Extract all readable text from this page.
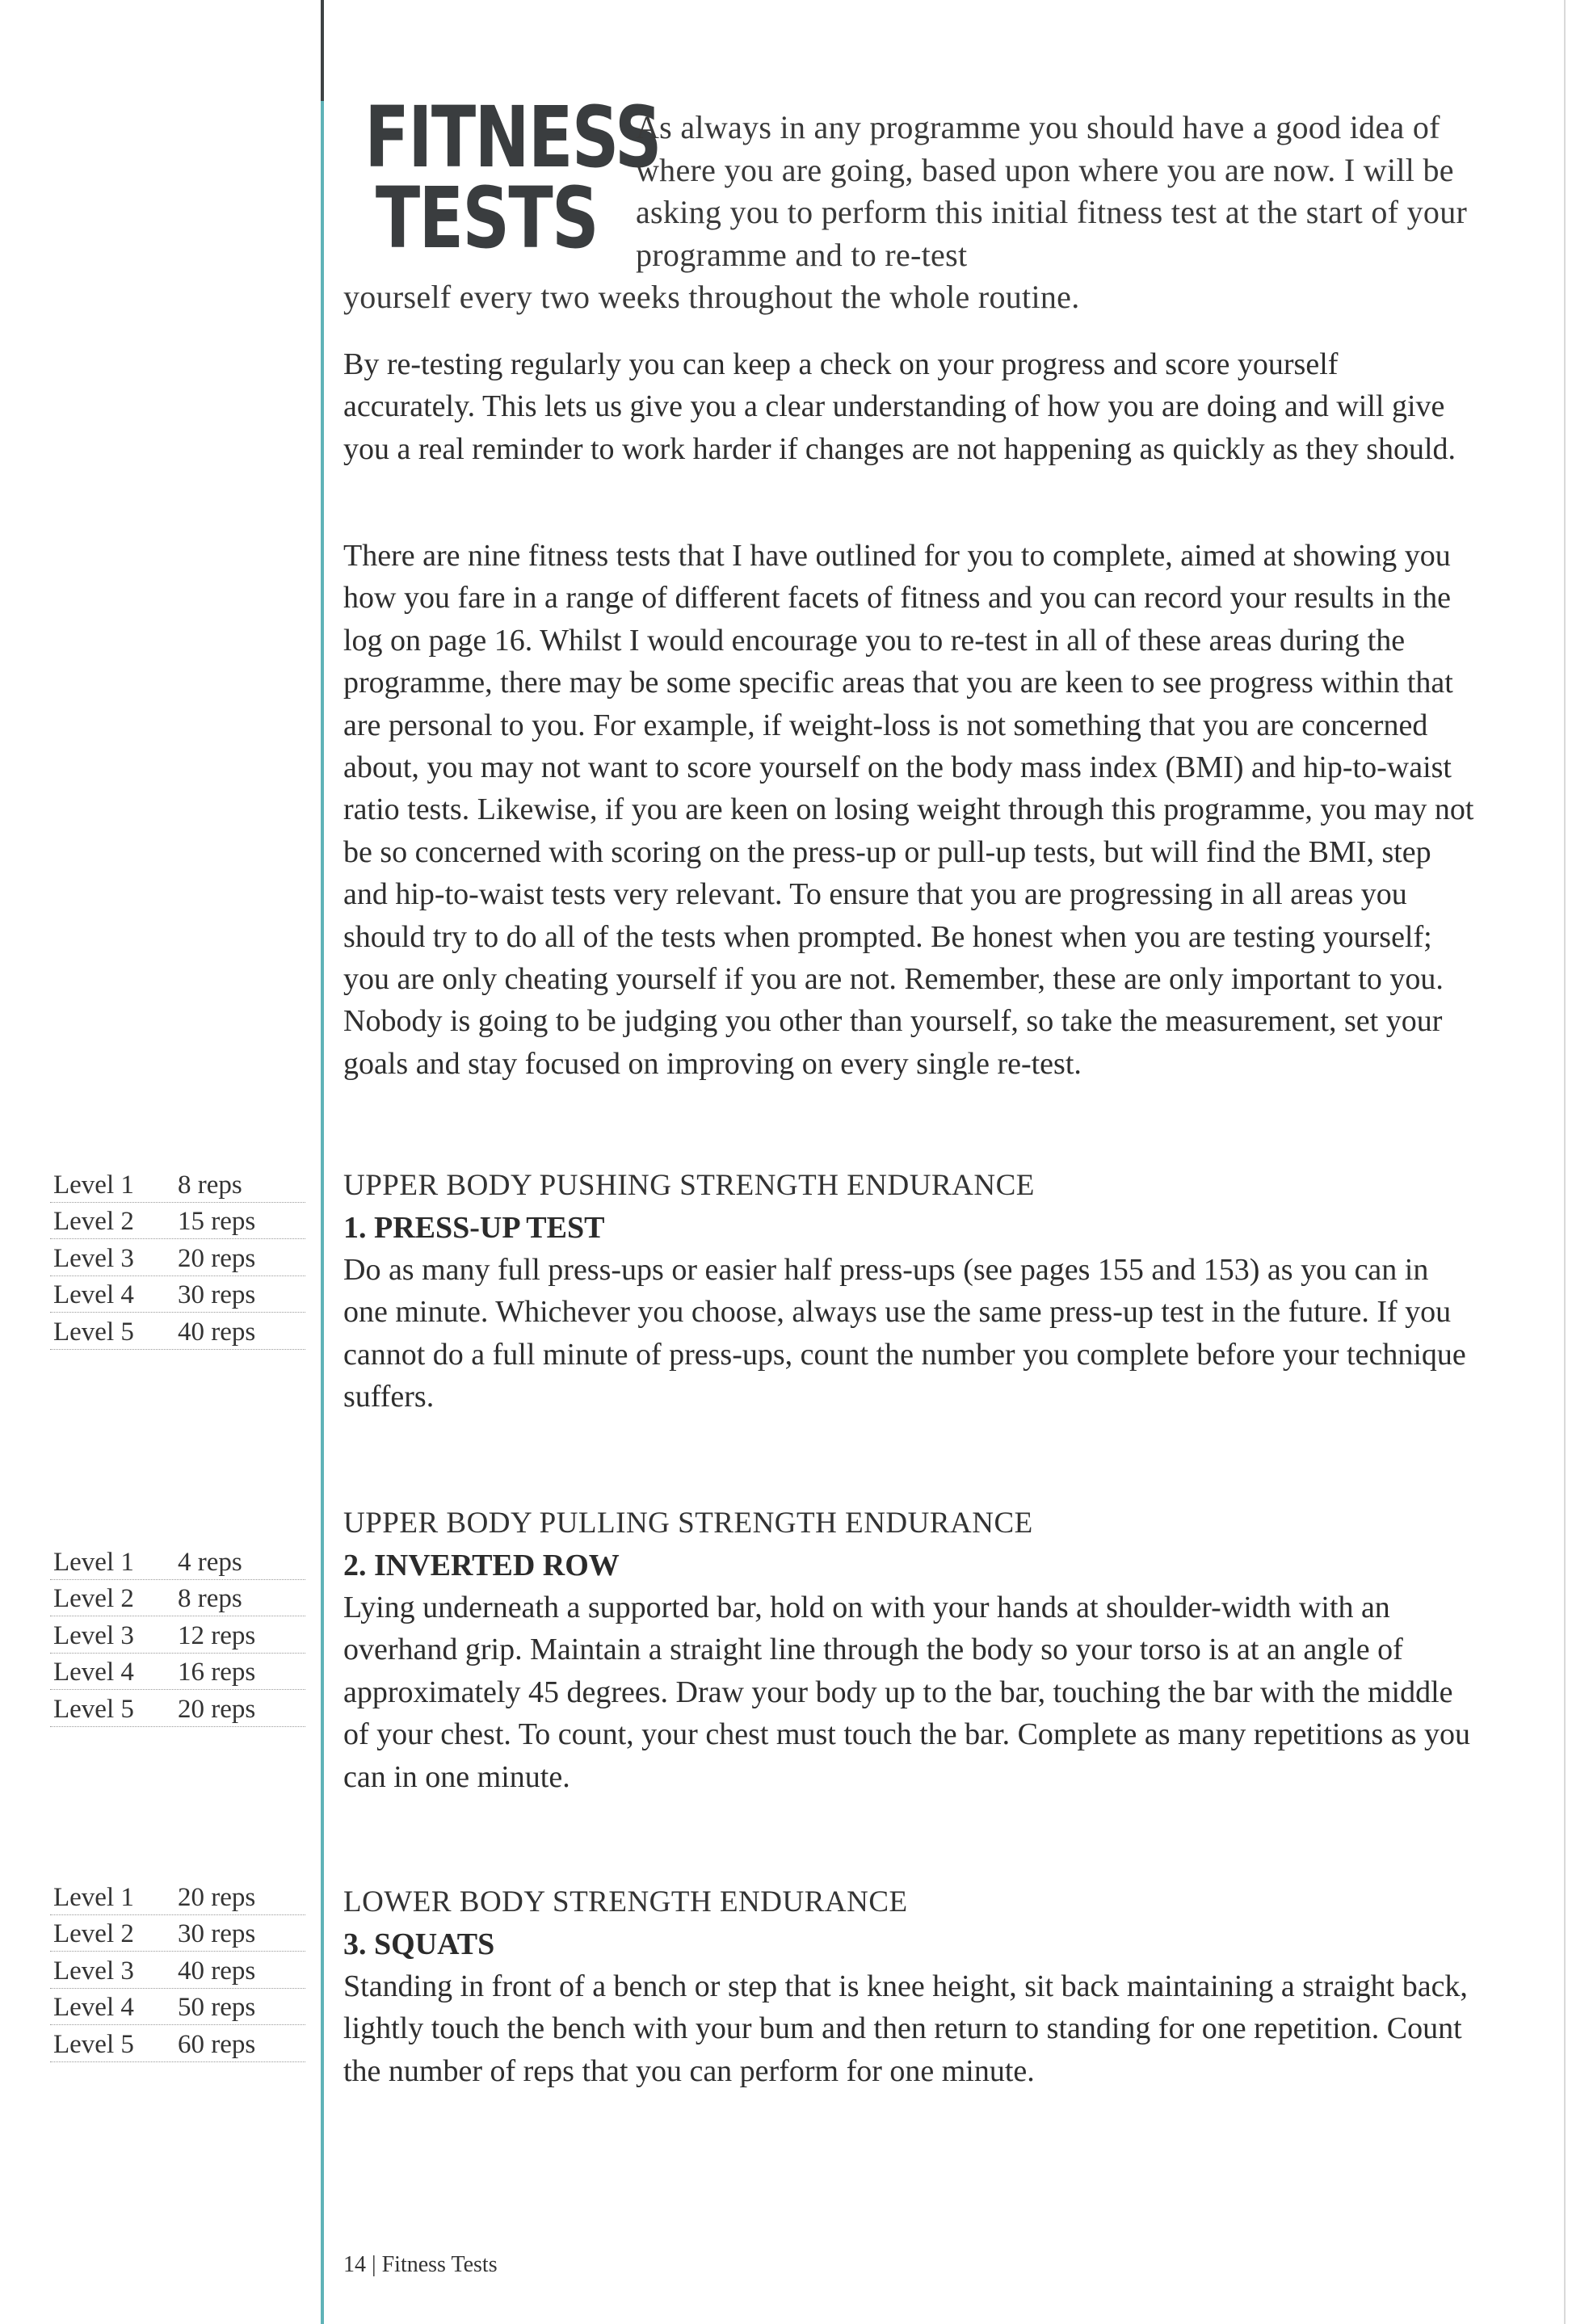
FITNESS
TESTS

As always in any programme you should have a good idea of where you are going, based upon where you are now. I will be asking you to perform this initial fitness test at the start of your programme and to re-test
yourself every two weeks throughout the whole routine.

By re-testing regularly you can keep a check on your progress and score yourself accurately. This lets us give you a clear understanding of how you are doing and will give you a real reminder to work harder if changes are not happening as quickly as they should.

There are nine fitness tests that I have outlined for you to complete, aimed at showing you how you fare in a range of different facets of fitness and you can record your results in the log on page 16. Whilst I would encourage you to re-test in all of these areas during the programme, there may be some specific areas that you are keen to see progress within that are personal to you. For example, if weight-loss is not something that you are concerned about, you may not want to score yourself on the body mass index (BMI) and hip-to-waist ratio tests. Likewise, if you are keen on losing weight through this programme, you may not be so concerned with scoring on the press-up or pull-up tests, but will find the BMI, step and hip-to-waist tests very relevant. To ensure that you are progressing in all areas you should try to do all of the tests when prompted. Be honest when you are testing yourself; you are only cheating yourself if you are not. Remember, these are only important to you. Nobody is going to be judging you other than yourself, so take the measurement, set your goals and stay focused on improving on every single re-test.

Level 1	8 reps
Level 2	15 reps
Level 3	20 reps
Level 4	30 reps
Level 5	40 reps
UPPER BODY PUSHING STRENGTH ENDURANCE
1. PRESS-UP TEST

Do as many full press-ups or easier half press-ups (see pages 155 and 153) as you can in one minute. Whichever you choose, always use the same press-up test in the future. If you cannot do a full minute of press-ups, count the number you complete before your technique suffers.

Level 1	4 reps
Level 2	8 reps
Level 3	12 reps
Level 4	16 reps
Level 5	20 reps
UPPER BODY PULLING STRENGTH ENDURANCE
2. INVERTED ROW

Lying underneath a supported bar, hold on with your hands at shoulder-width with an overhand grip. Maintain a straight line through the body so your torso is at an angle of approximately 45 degrees. Draw your body up to the bar, touching the bar with the middle of your chest. To count, your chest must touch the bar. Complete as many repetitions as you can in one minute.

Level 1	20 reps
Level 2	30 reps
Level 3	40 reps
Level 4	50 reps
Level 5	60 reps
LOWER BODY STRENGTH ENDURANCE
3. SQUATS

Standing in front of a bench or step that is knee height, sit back maintaining a straight back, lightly touch the bench with your bum and then return to standing for one repetition. Count the number of reps that you can perform for one minute.

14 | Fitness Tests
